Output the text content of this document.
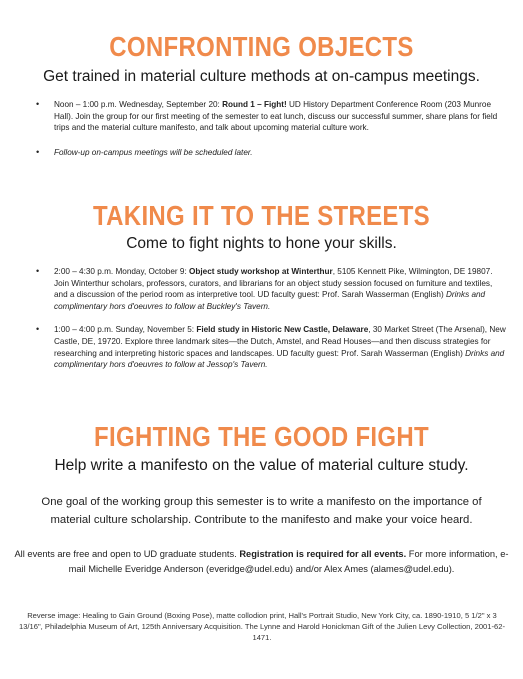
CONFRONTING OBJECTS
Get trained in material culture methods at on-campus meetings.
• Noon – 1:00 p.m. Wednesday, September 20: Round 1 – Fight! UD History Department Conference Room (203 Munroe Hall). Join the group for our first meeting of the semester to eat lunch, discuss our successful summer, share plans for field trips and the material culture manifesto, and talk about upcoming material culture work.
• Follow-up on-campus meetings will be scheduled later.
TAKING IT TO THE STREETS
Come to fight nights to hone your skills.
• 2:00 – 4:30 p.m. Monday, October 9: Object study workshop at Winterthur, 5105 Kennett Pike, Wilmington, DE 19807. Join Winterthur scholars, professors, curators, and librarians for an object study session focused on furniture and textiles, and a discussion of the period room as interpretive tool. UD faculty guest: Prof. Sarah Wasserman (English) Drinks and complimentary hors d'oeuvres to follow at Buckley's Tavern.
• 1:00 – 4:00 p.m. Sunday, November 5: Field study in Historic New Castle, Delaware, 30 Market Street (The Arsenal), New Castle, DE, 19720. Explore three landmark sites—the Dutch, Amstel, and Read Houses—and then discuss strategies for researching and interpreting historic spaces and landscapes. UD faculty guest: Prof. Sarah Wasserman (English) Drinks and complimentary hors d'oeuvres to follow at Jessop's Tavern.
FIGHTING THE GOOD FIGHT
Help write a manifesto on the value of material culture study.
One goal of the working group this semester is to write a manifesto on the importance of material culture scholarship. Contribute to the manifesto and make your voice heard.
All events are free and open to UD graduate students. Registration is required for all events. For more information, e-mail Michelle Everidge Anderson (everidge@udel.edu) and/or Alex Ames (alames@udel.edu).
Reverse image: Healing to Gain Ground (Boxing Pose), matte collodion print, Hall's Portrait Studio, New York City, ca. 1890-1910, 5 1/2" x 3 13/16", Philadelphia Museum of Art, 125th Anniversary Acquisition. The Lynne and Harold Honickman Gift of the Julien Levy Collection, 2001-62-1471.
